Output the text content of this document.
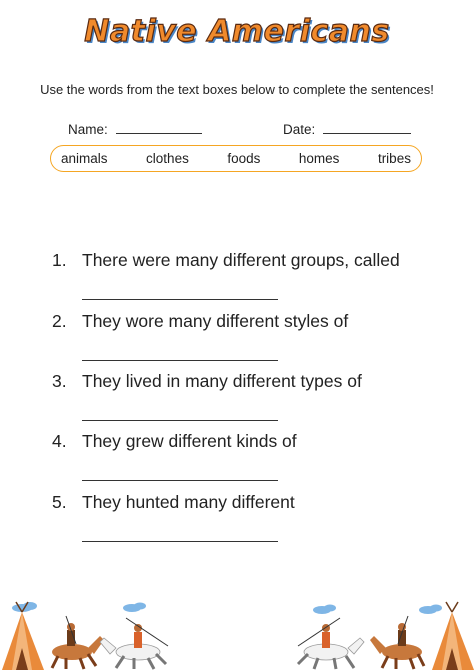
Native Americans
Use the words from the text boxes below to complete the sentences!
Name:	Date:
animals	clothes	foods	homes	tribes
1. There were many different groups, called
2. They wore many different styles of
3. They lived in many different types of
4. They grew different kinds of
5. They hunted many different
